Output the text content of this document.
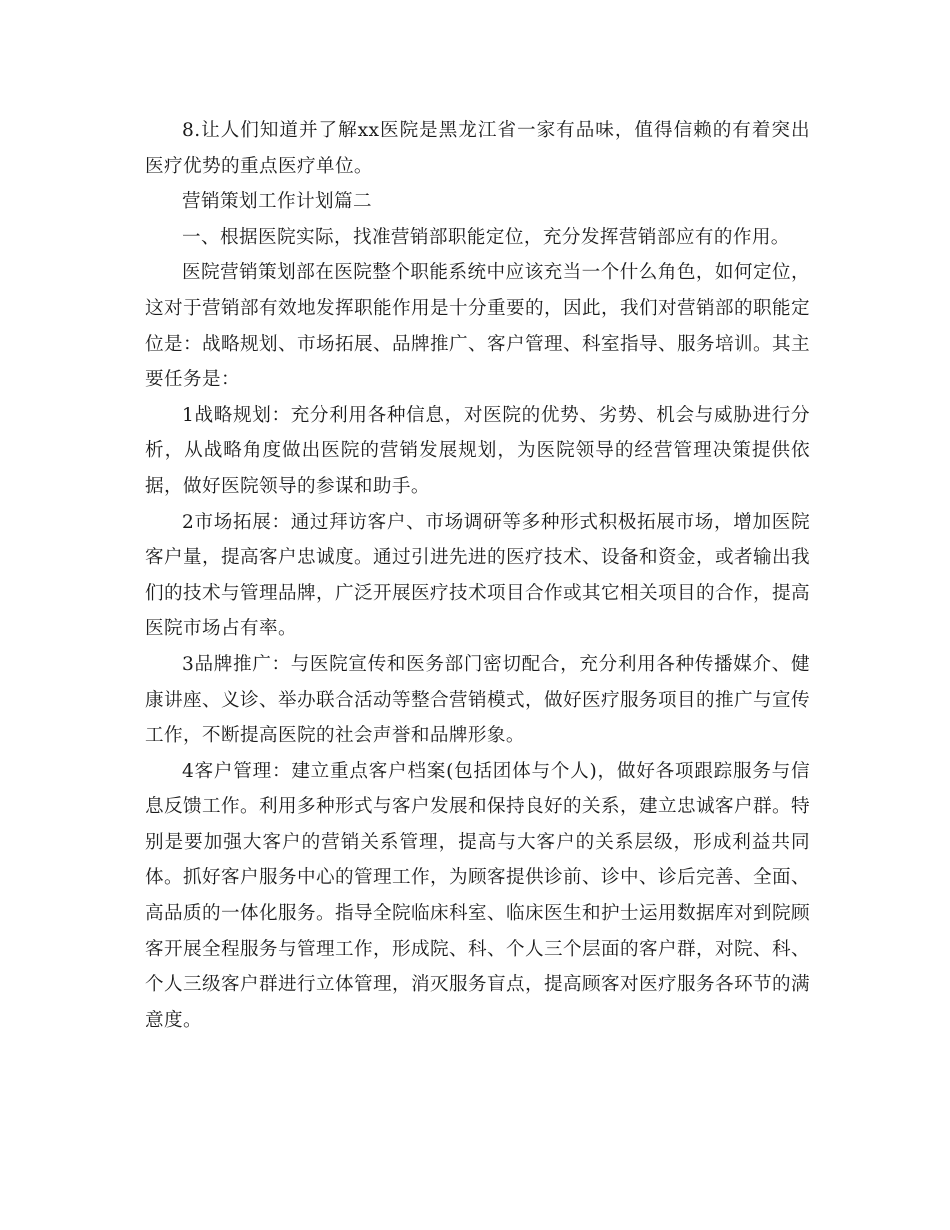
8.让人们知道并了解xx医院是黑龙江省一家有品味，值得信赖的有着突出医疗优势的重点医疗单位。

营销策划工作计划篇二

一、根据医院实际，找准营销部职能定位，充分发挥营销部应有的作用。

医院营销策划部在医院整个职能系统中应该充当一个什么角色，如何定位，这对于营销部有效地发挥职能作用是十分重要的，因此，我们对营销部的职能定位是：战略规划、市场拓展、品牌推广、客户管理、科室指导、服务培训。其主要任务是：

1战略规划：充分利用各种信息，对医院的优势、劣势、机会与威胁进行分析，从战略角度做出医院的营销发展规划，为医院领导的经营管理决策提供依据，做好医院领导的参谋和助手。

2市场拓展：通过拜访客户、市场调研等多种形式积极拓展市场，增加医院客户量，提高客户忠诚度。通过引进先进的医疗技术、设备和资金，或者输出我们的技术与管理品牌，广泛开展医疗技术项目合作或其它相关项目的合作，提高医院市场占有率。

3品牌推广：与医院宣传和医务部门密切配合，充分利用各种传播媒介、健康讲座、义诊、举办联合活动等整合营销模式，做好医疗服务项目的推广与宣传工作，不断提高医院的社会声誉和品牌形象。

4客户管理：建立重点客户档案(包括团体与个人)，做好各项跟踪服务与信息反馈工作。利用多种形式与客户发展和保持良好的关系，建立忠诚客户群。特别是要加强大客户的营销关系管理，提高与大客户的关系层级，形成利益共同体。抓好客户服务中心的管理工作，为顾客提供诊前、诊中、诊后完善、全面、高品质的一体化服务。指导全院临床科室、临床医生和护士运用数据库对到院顾客开展全程服务与管理工作，形成院、科、个人三个层面的客户群，对院、科、个人三级客户群进行立体管理，消灭服务盲点，提高顾客对医疗服务各环节的满意度。
